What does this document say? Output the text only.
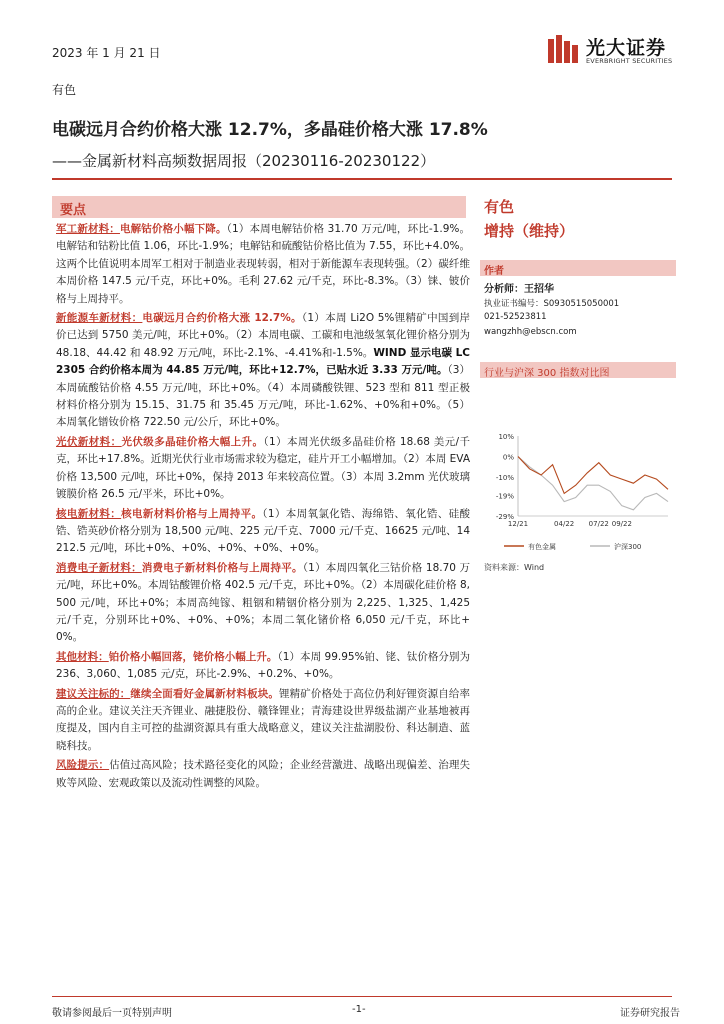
2023 年 1 月 21 日	光大证券
EVERBRIGHT SECURITIES
有色
电碳远月合约价格大涨 12.7%，多晶硅价格大涨 17.8%
——金属新材料高频数据周报（20230116-20230122）
要点

军工新材料：电解钴价格小幅下降。（1）本周电解钴价格 31.70 万元/吨，环比-1.9%。电解钴和钴粉比值 1.06，环比-1.9%；电解钴和硫酸钴价格比值为 7.55，环比+4.0%。这两个比值说明本周军工相对于制造业表现转弱，相对于新能源车表现转强。（2）碳纤维本周价格 147.5 元/千克，环比+0%。毛利 27.62 元/千克，环比-8.3%。（3）铼、铍价格与上周持平。

新能源车新材料：电碳远月合约价格大涨 12.7%。（1）本周 Li2O 5%锂精矿中国到岸价已达到 5750 美元/吨，环比+0%。（2）本周电碳、工碳和电池级氢氧化锂价格分别为 48.18、44.42 和 48.92 万元/吨，环比-2.1%、-4.41%和-1.5%。WIND 显示电碳 LC2305 合约价格本周为 44.85 万元/吨，环比+12.7%，已贴水近 3.33 万元/吨。（3）本周硫酸钴价格 4.55 万元/吨，环比+0%。（4）本周磷酸铁锂、523 型和 811 型正极材料价格分别为 15.15、31.75 和 35.45 万元/吨，环比-1.62%、+0%和+0%。（5）本周氧化镨钕价格 722.50 元/公斤，环比+0%。

光伏新材料：光伏级多晶硅价格大幅上升。（1）本周光伏级多晶硅价格 18.68 美元/千克，环比+17.8%。近期光伏行业市场需求较为稳定，硅片开工小幅增加。（2）本周 EVA 价格 13,500 元/吨，环比+0%，保持 2013 年来较高位置。（3）本周 3.2mm 光伏玻璃镀膜价格 26.5 元/平米，环比+0%。

核电新材料：核电新材料价格与上周持平。（1）本周氧氯化锆、海绵锆、氧化锆、硅酸锆、锆英砂价格分别为 18,500 元/吨、225 元/千克、7000 元/千克、16625 元/吨、14212.5 元/吨，环比+0%、+0%、+0%、+0%、+0%。

消费电子新材料：消费电子新材料价格与上周持平。（1）本周四氧化三钴价格 18.70 万元/吨，环比+0%。本周钴酸锂价格 402.5 元/千克，环比+0%。（2）本周碳化硅价格 8,500 元/吨，环比+0%；本周高纯镓、粗铟和精铟价格分别为 2,225、1,325、1,425 元/千克，分别环比+0%、+0%、+0%；本周二氧化锗价格 6,050 元/千克，环比+0%。

其他材料：铂价格小幅回落，铑价格小幅上升。（1）本周 99.95%铂、铑、钛价格分别为 236、3,060、1,085 元/克，环比-2.9%、+0.2%、+0%。

建议关注标的：继续全面看好金属新材料板块。锂精矿价格处于高位仍利好锂资源自给率高的企业。建议关注天齐锂业、融捷股份、赣锋锂业；青海建设世界级盐湖产业基地被再度提及，国内自主可控的盐湖资源具有重大战略意义，建议关注盐湖股份、科达制造、蓝晓科技。

风险提示：估值过高风险；技术路径变化的风险；企业经营激进、战略出现偏差、治理失败等风险、宏观政策以及流动性调整的风险。

有色
增持（维持）
作者
分析师：王招华
执业证书编号：S0930515050001
021-52523811
wangzhh@ebscn.com
行业与沪深 300 指数对比图
10%
0%
-10%
-19%
-29%
12/21	04/22 07/22 09/22
有色金属	沪深300
资料来源：Wind
敬请参阅最后一页特别声明	-1-	证券研究报告
